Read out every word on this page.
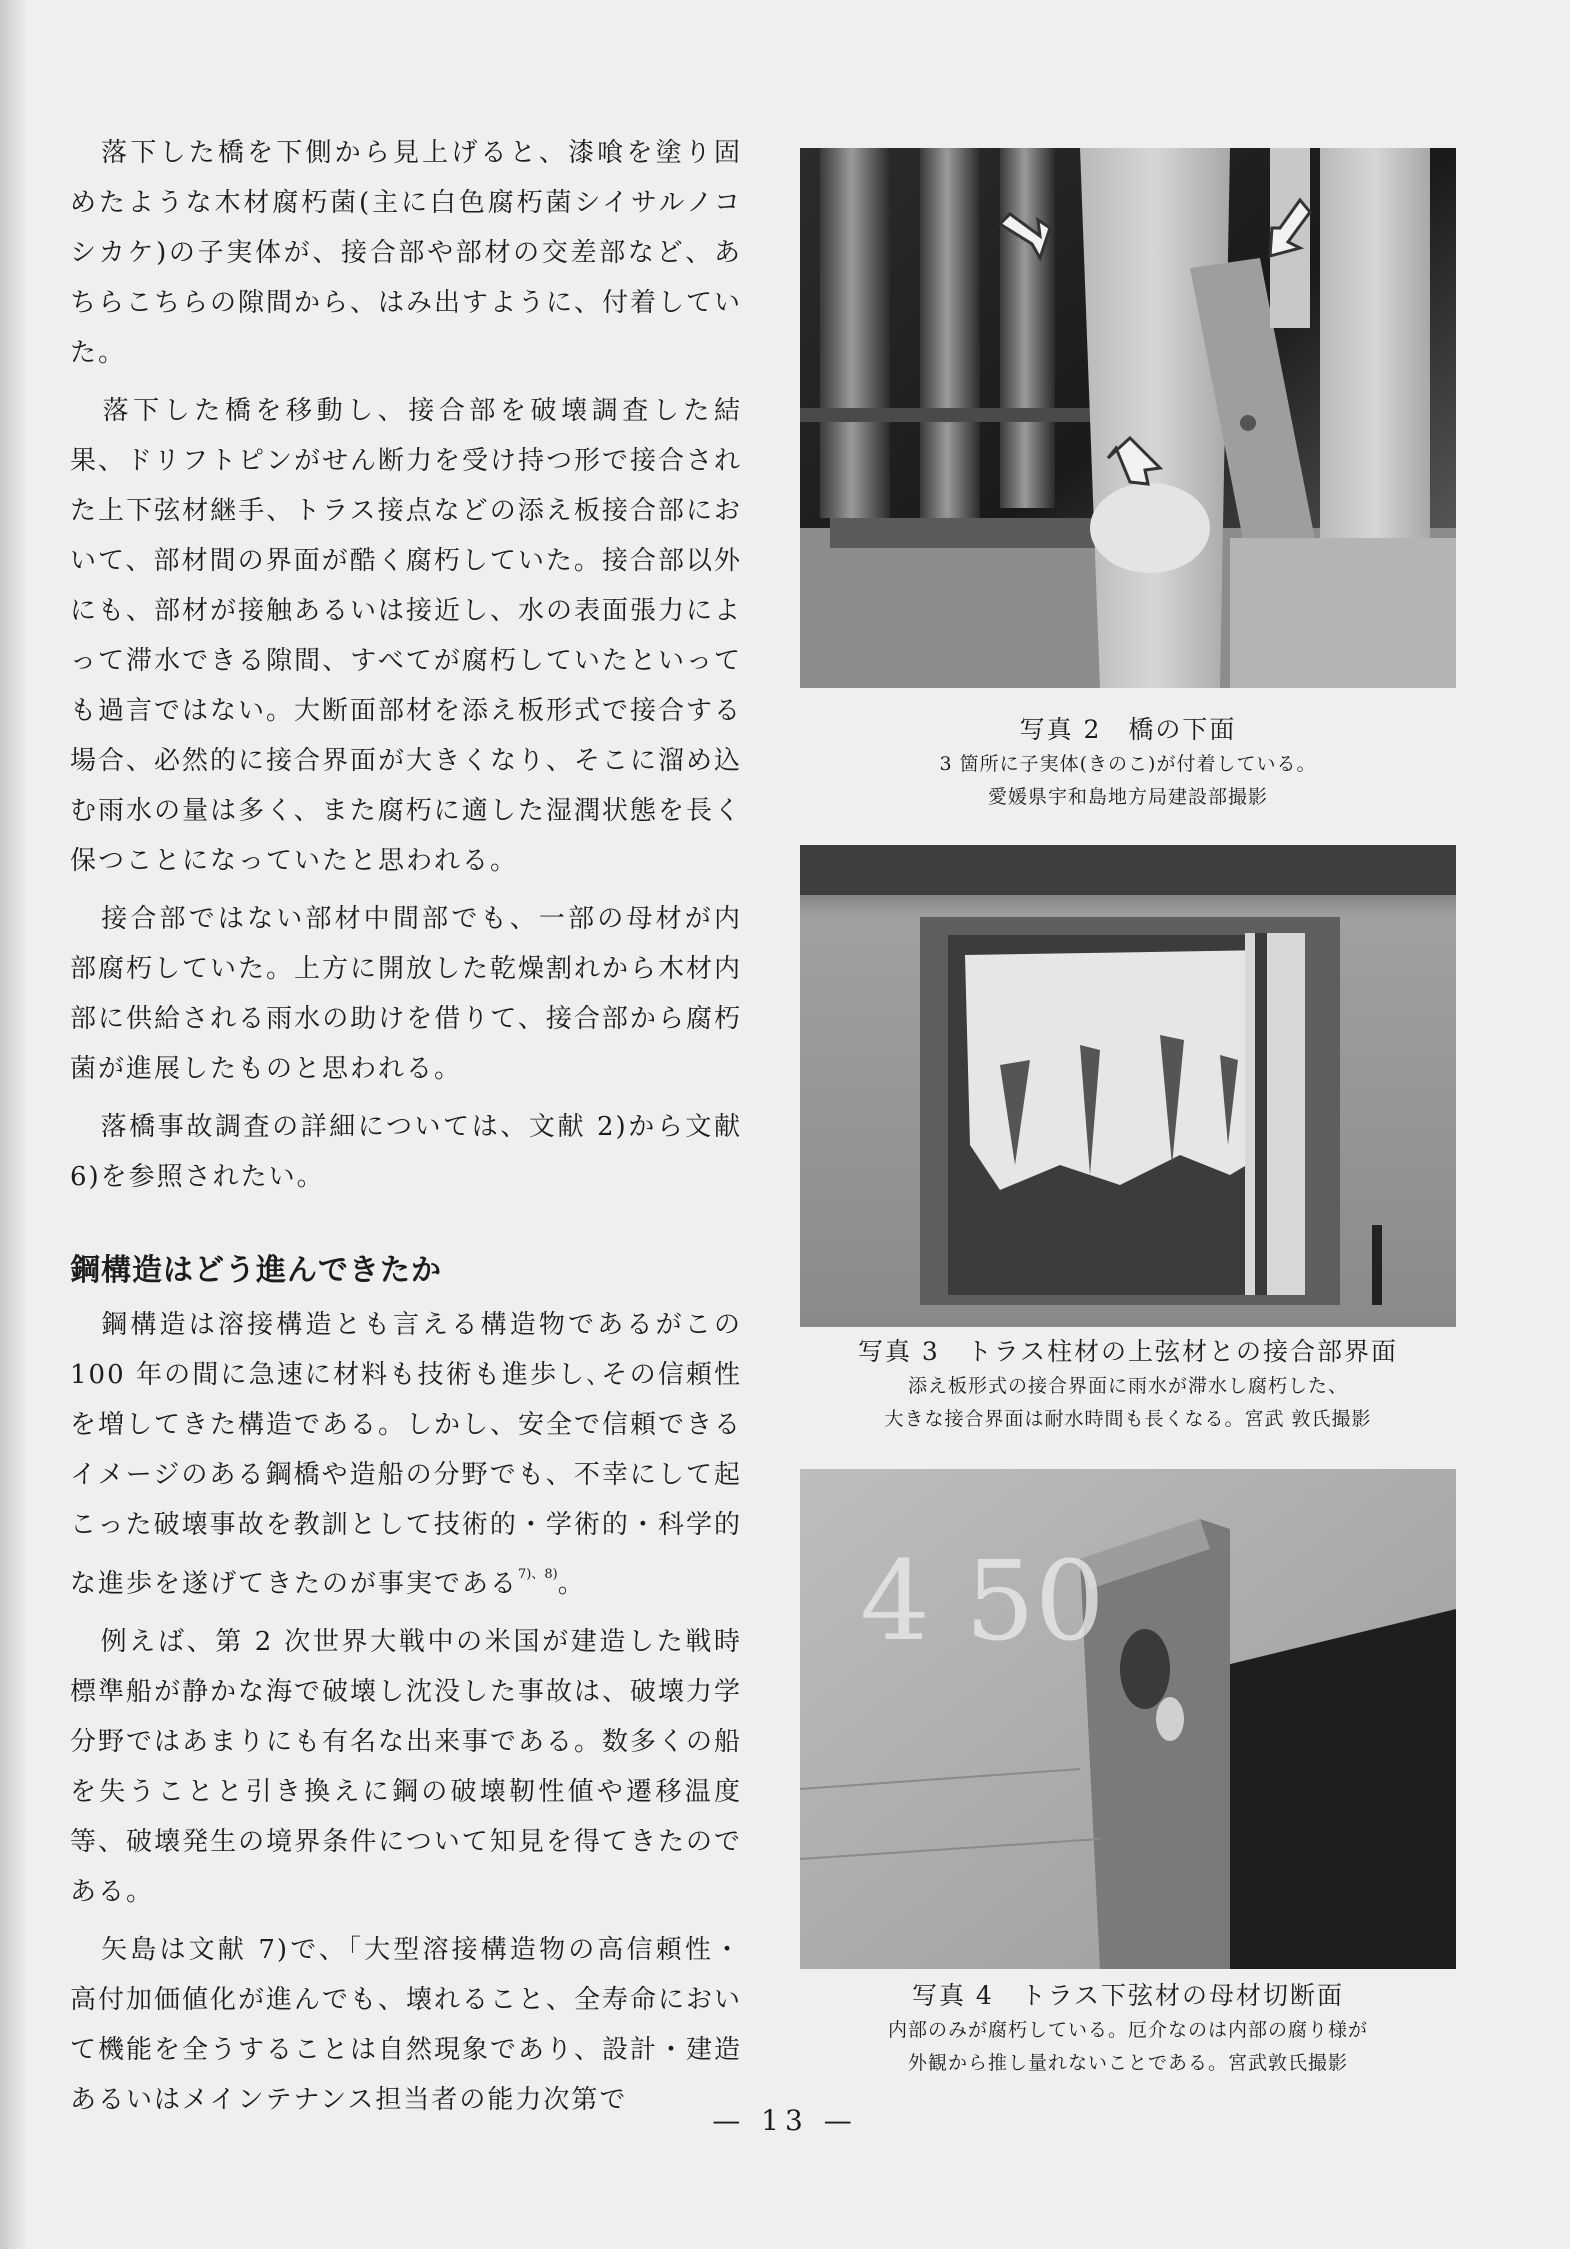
落下した橋を下側から見上げると、漆喰を塗り固めたような木材腐朽菌(主に白色腐朽菌シイサルノコシカケ)の子実体が、接合部や部材の交差部など、あちらこちらの隙間から、はみ出すように、付着していた。

落下した橋を移動し、接合部を破壊調査した結果、ドリフトピンがせん断力を受け持つ形で接合された上下弦材継手、トラス接点などの添え板接合部において、部材間の界面が酷く腐朽していた。接合部以外にも、部材が接触あるいは接近し、水の表面張力によって滞水できる隙間、すべてが腐朽していたといっても過言ではない。大断面部材を添え板形式で接合する場合、必然的に接合界面が大きくなり、そこに溜め込む雨水の量は多く、また腐朽に適した湿潤状態を長く保つことになっていたと思われる。

接合部ではない部材中間部でも、一部の母材が内部腐朽していた。上方に開放した乾燥割れから木材内部に供給される雨水の助けを借りて、接合部から腐朽菌が進展したものと思われる。

落橋事故調査の詳細については、文献 2)から文献6)を参照されたい。

鋼構造はどう進んできたか

鋼構造は溶接構造とも言える構造物であるがこの 100 年の間に急速に材料も技術も進歩し､その信頼性を増してきた構造である。しかし、安全で信頼できるイメージのある鋼橋や造船の分野でも、不幸にして起こった破壊事故を教訓として技術的・学術的・科学的な進歩を遂げてきたのが事実である$^{7)、8)}$。

例えば、第 2 次世界大戦中の米国が建造した戦時標準船が静かな海で破壊し沈没した事故は、破壊力学分野ではあまりにも有名な出来事である。数多くの船を失うことと引き換えに鋼の破壊靭性値や遷移温度等、破壊発生の境界条件について知見を得てきたのである。

矢島は文献 7)で、「大型溶接構造物の高信頼性・高付加価値化が進んでも、壊れること、全寿命において機能を全うすることは自然現象であり、設計・建造あるいはメインテナンス担当者の能力次第で

写真 2　橋の下面

3 箇所に子実体(きのこ)が付着している。

愛媛県宇和島地方局建設部撮影

写真 3　トラス柱材の上弦材との接合部界面

添え板形式の接合界面に雨水が滞水し腐朽した、

大きな接合界面は耐水時間も長くなる。宮武 敦氏撮影

4 50

写真 4　トラス下弦材の母材切断面

内部のみが腐朽している。厄介なのは内部の腐り様が

外観から推し量れないことである。宮武敦氏撮影

— 13 —
